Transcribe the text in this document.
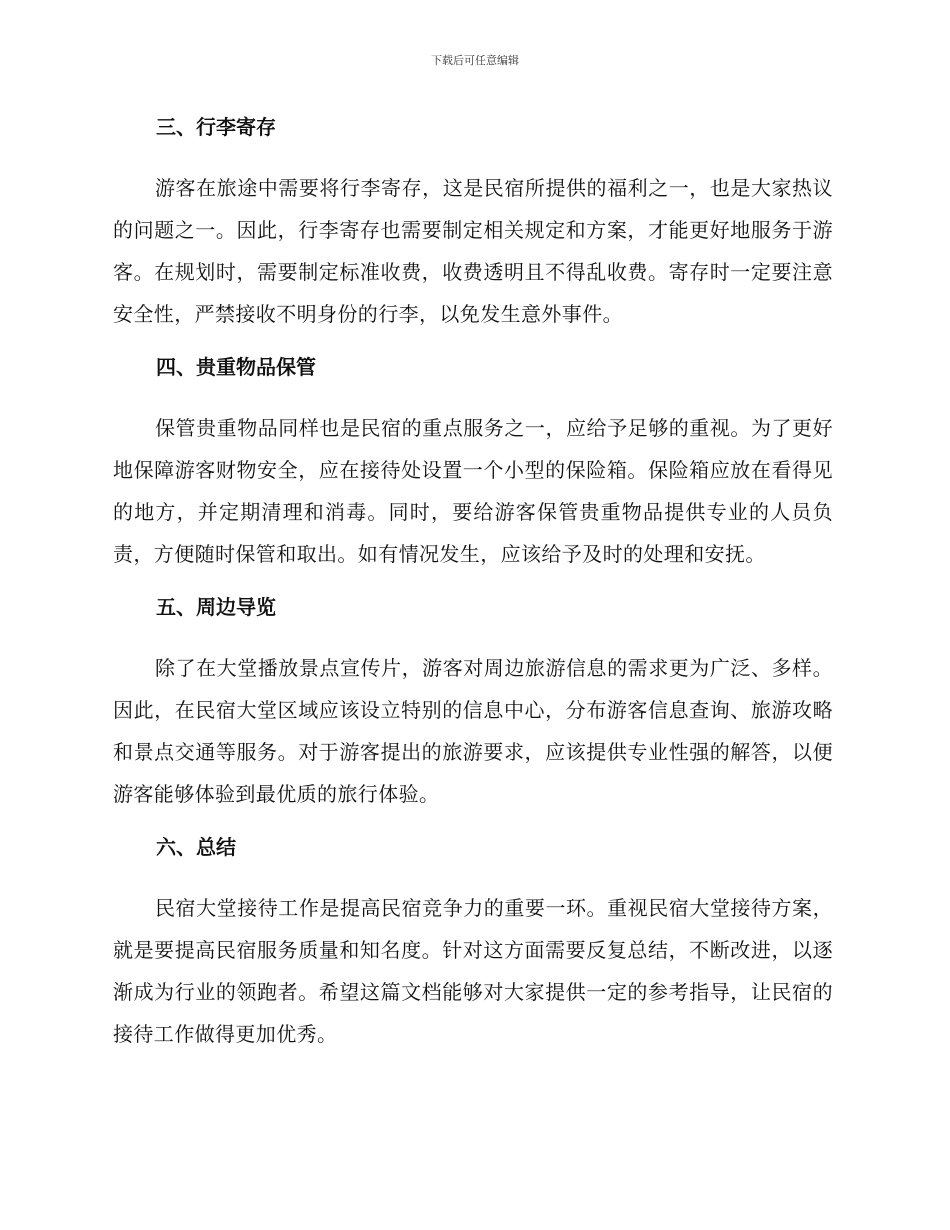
下载后可任意编辑
三、行李寄存

游客在旅途中需要将行李寄存，这是民宿所提供的福利之一，也是大家热议的问题之一。因此，行李寄存也需要制定相关规定和方案，才能更好地服务于游客。在规划时，需要制定标准收费，收费透明且不得乱收费。寄存时一定要注意安全性，严禁接收不明身份的行李，以免发生意外事件。

四、贵重物品保管

保管贵重物品同样也是民宿的重点服务之一，应给予足够的重视。为了更好地保障游客财物安全，应在接待处设置一个小型的保险箱。保险箱应放在看得见的地方，并定期清理和消毒。同时，要给游客保管贵重物品提供专业的人员负责，方便随时保管和取出。如有情况发生，应该给予及时的处理和安抚。

五、周边导览

除了在大堂播放景点宣传片，游客对周边旅游信息的需求更为广泛、多样。因此，在民宿大堂区域应该设立特别的信息中心，分布游客信息查询、旅游攻略和景点交通等服务。对于游客提出的旅游要求，应该提供专业性强的解答，以便游客能够体验到最优质的旅行体验。

六、总结

民宿大堂接待工作是提高民宿竞争力的重要一环。重视民宿大堂接待方案，就是要提高民宿服务质量和知名度。针对这方面需要反复总结，不断改进，以逐渐成为行业的领跑者。希望这篇文档能够对大家提供一定的参考指导，让民宿的接待工作做得更加优秀。
